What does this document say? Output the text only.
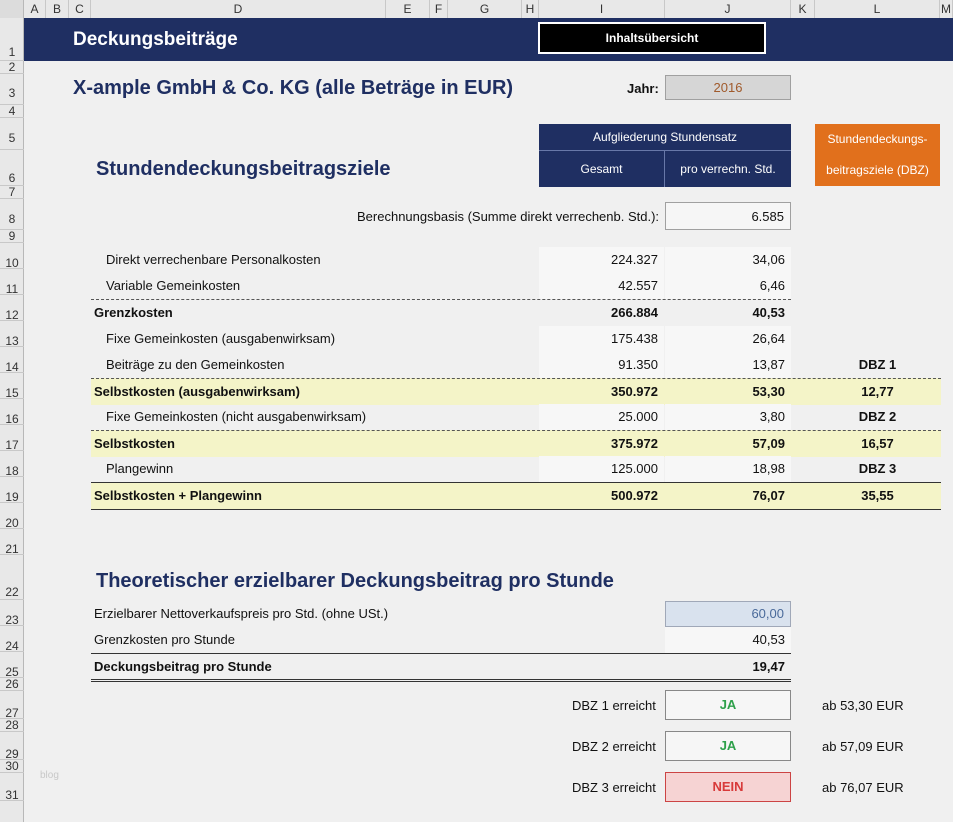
A	B	C	D	E	F	G	H	I	J	K	L	M
1
2
3
4
5
6
7
8
9
10
11
12
13
14
15
16
17
18
19
20
21
22
23
24
25
26
27
28
29
30
31
Deckungsbeiträge	Inhaltsübersicht
X-ample GmbH & Co. KG (alle Beträge in EUR)	Jahr:	2016
Aufgliederung Stundensatz
Gesamt	pro verrechn. Std.
Stundendeckungs-
beitragsziele (DBZ)
Stundendeckungsbeitragsziele
Berechnungsbasis (Summe direkt verrechenb. Std.):	6.585
Direkt verrechenbare Personalkosten	224.327	34,06
Variable Gemeinkosten	42.557	6,46
Grenzkosten	266.884	40,53
Fixe Gemeinkosten (ausgabenwirksam)	175.438	26,64
Beiträge zu den Gemeinkosten	91.350	13,87	DBZ 1
Selbstkosten (ausgabenwirksam)	350.972	53,30	12,77
Fixe Gemeinkosten (nicht ausgabenwirksam)	25.000	3,80	DBZ 2
Selbstkosten	375.972	57,09	16,57
Plangewinn	125.000	18,98	DBZ 3
Selbstkosten + Plangewinn	500.972	76,07	35,55
Theoretischer erzielbarer Deckungsbeitrag pro Stunde
Erzielbarer Nettoverkaufspreis pro Std. (ohne USt.)	60,00
Grenzkosten pro Stunde	40,53
Deckungsbeitrag pro Stunde	19,47
DBZ 1 erreicht	JA	ab 53,30 EUR
DBZ 2 erreicht	JA	ab 57,09 EUR
DBZ 3 erreicht	NEIN	ab 76,07 EUR
blog
